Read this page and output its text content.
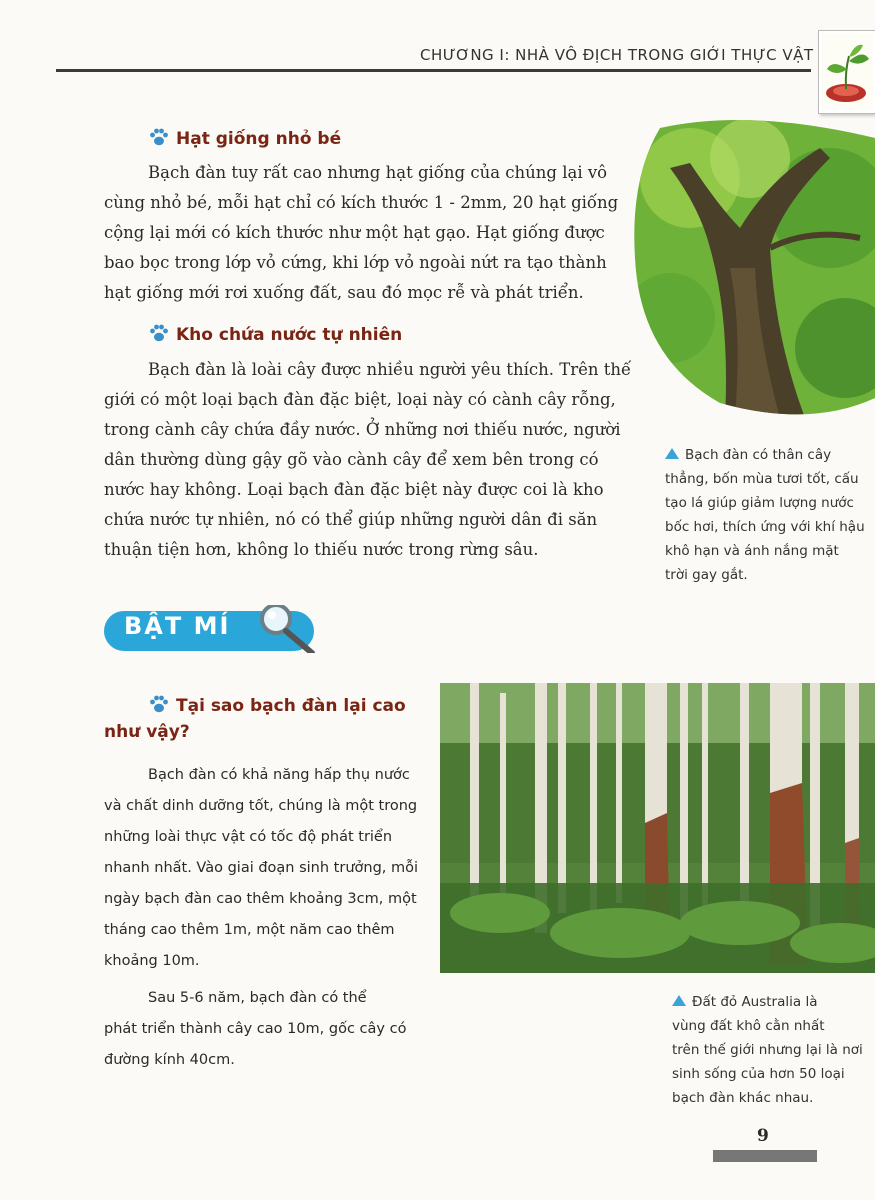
CHƯƠNG I: NHÀ VÔ ĐỊCH TRONG GIỚI THỰC VẬT
Hạt giống nhỏ bé

Bạch đàn tuy rất cao nhưng hạt giống của chúng lại vô

cùng nhỏ bé, mỗi hạt chỉ có kích thước 1 - 2mm, 20 hạt giống

cộng lại mới có kích thước như một hạt gạo. Hạt giống được

bao bọc trong lớp vỏ cứng, khi lớp vỏ ngoài nứt ra tạo thành

hạt giống mới rơi xuống đất, sau đó mọc rễ và phát triển.

Kho chứa nước tự nhiên

Bạch đàn là loài cây được nhiều người yêu thích. Trên thế

giới có một loại bạch đàn đặc biệt, loại này có cành cây rỗng,

trong cành cây chứa đầy nước. Ở những nơi thiếu nước, người

dân thường dùng gậy gõ vào cành cây để xem bên trong có

nước hay không. Loại bạch đàn đặc biệt này được coi là kho

chứa nước tự nhiên, nó có thể giúp những người dân đi săn

thuận tiện hơn, không lo thiếu nước trong rừng sâu.

Bạch đàn có thân cây
thẳng, bốn mùa tươi tốt, cấu
tạo lá giúp giảm lượng nước
bốc hơi, thích ứng với khí hậu
khô hạn và ánh nắng mặt
trời gay gắt.
BẬT MÍ
Tại sao bạch đàn lại cao
như vậy?
Bạch đàn có khả năng hấp thụ nước
và chất dinh dưỡng tốt, chúng là một trong
những loài thực vật có tốc độ phát triển
nhanh nhất. Vào giai đoạn sinh trưởng, mỗi
ngày bạch đàn cao thêm khoảng 3cm, một
tháng cao thêm 1m, một năm cao thêm
khoảng 10m.
Sau 5-6 năm, bạch đàn có thể
phát triển thành cây cao 10m, gốc cây có
đường kính 40cm.
Đất đỏ Australia là
vùng đất khô cằn nhất
trên thế giới nhưng lại là nơi
sinh sống của hơn 50 loại
bạch đàn khác nhau.
9
